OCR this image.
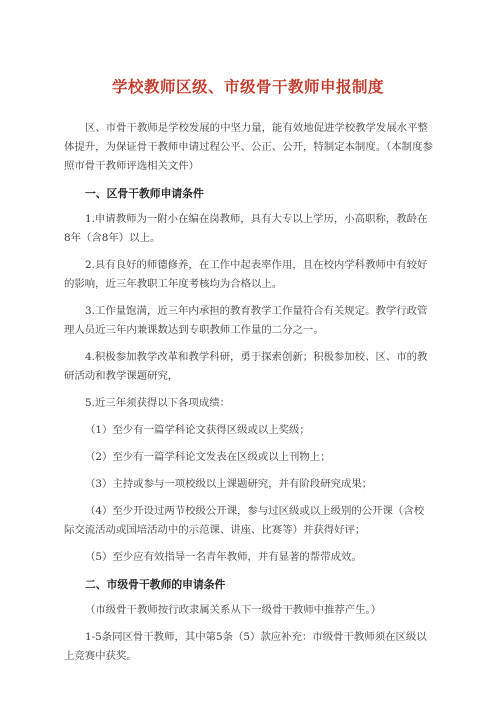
学校教师区级、市级骨干教师申报制度

区、市骨干教师是学校发展的中坚力量，能有效地促进学校教学发展水平整体提升，为保证骨干教师申请过程公平、公正、公开，特制定本制度。（本制度参照市骨干教师评选相关文件）

一、区骨干教师申请条件

1.申请教师为一附小在编在岗教师，具有大专以上学历，小高职称，教龄在8年（含8年）以上。

2.具有良好的师德修养，在工作中起表率作用，且在校内学科教师中有较好的影响，近三年教职工年度考核均为合格以上。

3.工作量饱满，近三年内承担的教育教学工作量符合有关规定。教学行政管理人员近三年内兼课数达到专职教师工作量的二分之一。

4.积极参加教学改革和教学科研，勇于探索创新；积极参加校、区、市的教研活动和教学课题研究，

5.近三年须获得以下各项成绩：

（1）至少有一篇学科论文获得区级或以上奖级；

（2）至少有一篇学科论文发表在区级或以上刊物上；

（3）主持或参与一项校级以上课题研究，并有阶段研究成果；

（4）至少开设过两节校级公开课，参与过区级或以上级别的公开课（含校际交流活动或国培活动中的示范课、讲座、比赛等）并获得好评；

（5）至少应有效指导一名青年教师，并有显著的帮带成效。

二、市级骨干教师的申请条件

（市级骨干教师按行政隶属关系从下一级骨干教师中推荐产生。）

1-5条同区骨干教师，其中第5条（5）款应补充：市级骨干教师须在区级以上竞赛中获奖。
